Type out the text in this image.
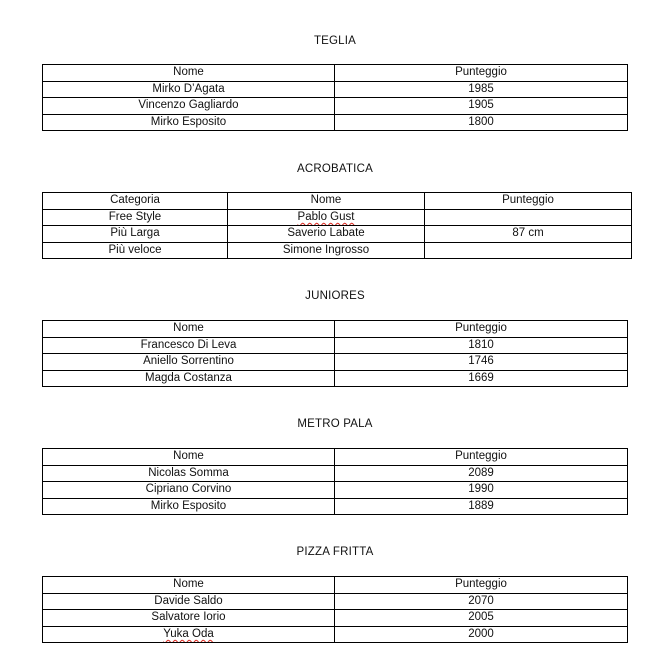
TEGLIA
Nome	Punteggio
Mirko D’Agata	1985
Vincenzo Gagliardo	1905
Mirko Esposito	1800
ACROBATICA
Categoria	Nome	Punteggio
Free Style	Pablo Gust	
Più Larga	Saverio Labate	87 cm
Più veloce	Simone Ingrosso	
JUNIORES
Nome	Punteggio
Francesco Di Leva	1810
Aniello Sorrentino	1746
Magda Costanza	1669
METRO PALA
Nome	Punteggio
Nicolas Somma	2089
Cipriano Corvino	1990
Mirko Esposito	1889
PIZZA FRITTA
Nome	Punteggio
Davide Saldo	2070
Salvatore Iorio	2005
Yuka Oda	2000
